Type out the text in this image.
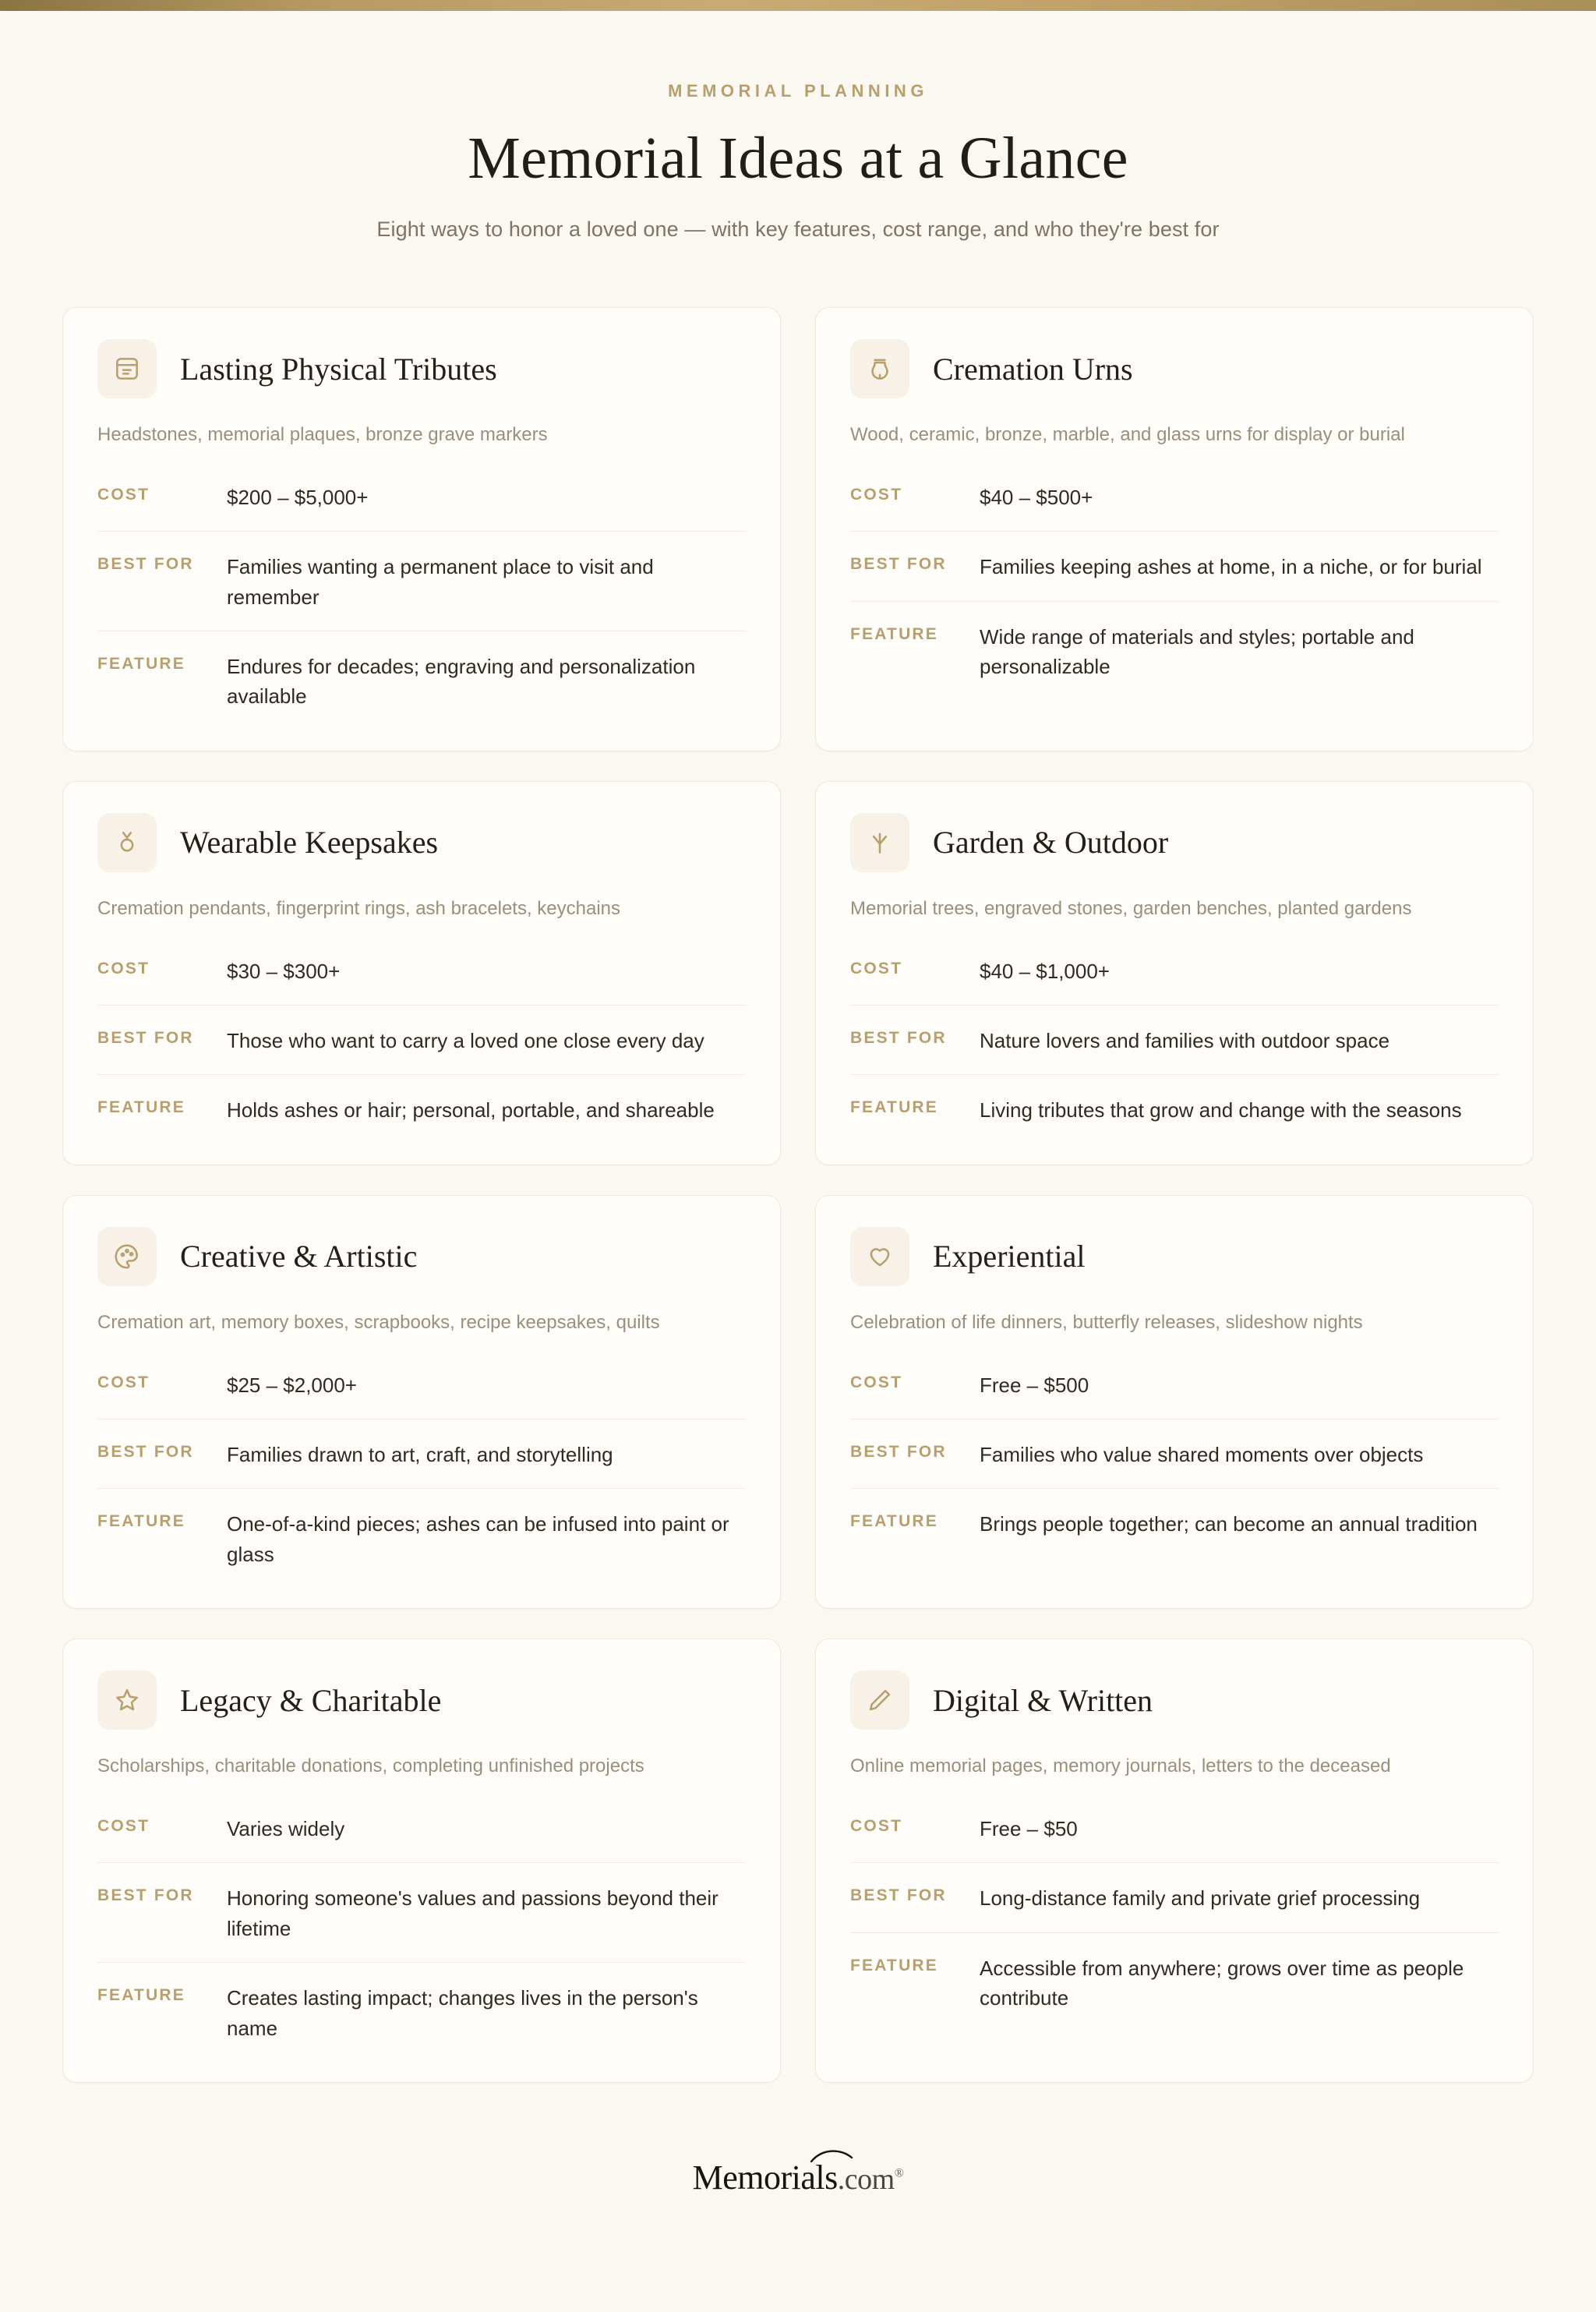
MEMORIAL PLANNING
Memorial Ideas at a Glance
Eight ways to honor a loved one — with key features, cost range, and who they're best for
Lasting Physical Tributes
Headstones, memorial plaques, bronze grave markers
COST	$200 – $5,000+
BEST FOR	Families wanting a permanent place to visit and remember
FEATURE	Endures for decades; engraving and personalization available
Cremation Urns
Wood, ceramic, bronze, marble, and glass urns for display or burial
COST	$40 – $500+
BEST FOR	Families keeping ashes at home, in a niche, or for burial
FEATURE	Wide range of materials and styles; portable and personalizable
Wearable Keepsakes
Cremation pendants, fingerprint rings, ash bracelets, keychains
COST	$30 – $300+
BEST FOR	Those who want to carry a loved one close every day
FEATURE	Holds ashes or hair; personal, portable, and shareable
Garden & Outdoor
Memorial trees, engraved stones, garden benches, planted gardens
COST	$40 – $1,000+
BEST FOR	Nature lovers and families with outdoor space
FEATURE	Living tributes that grow and change with the seasons
Creative & Artistic
Cremation art, memory boxes, scrapbooks, recipe keepsakes, quilts
COST	$25 – $2,000+
BEST FOR	Families drawn to art, craft, and storytelling
FEATURE	One-of-a-kind pieces; ashes can be infused into paint or glass
Experiential
Celebration of life dinners, butterfly releases, slideshow nights
COST	Free – $500
BEST FOR	Families who value shared moments over objects
FEATURE	Brings people together; can become an annual tradition
Legacy & Charitable
Scholarships, charitable donations, completing unfinished projects
COST	Varies widely
BEST FOR	Honoring someone's values and passions beyond their lifetime
FEATURE	Creates lasting impact; changes lives in the person's name
Digital & Written
Online memorial pages, memory journals, letters to the deceased
COST	Free – $50
BEST FOR	Long-distance family and private grief processing
FEATURE	Accessible from anywhere; grows over time as people contribute
Memorials.com®
